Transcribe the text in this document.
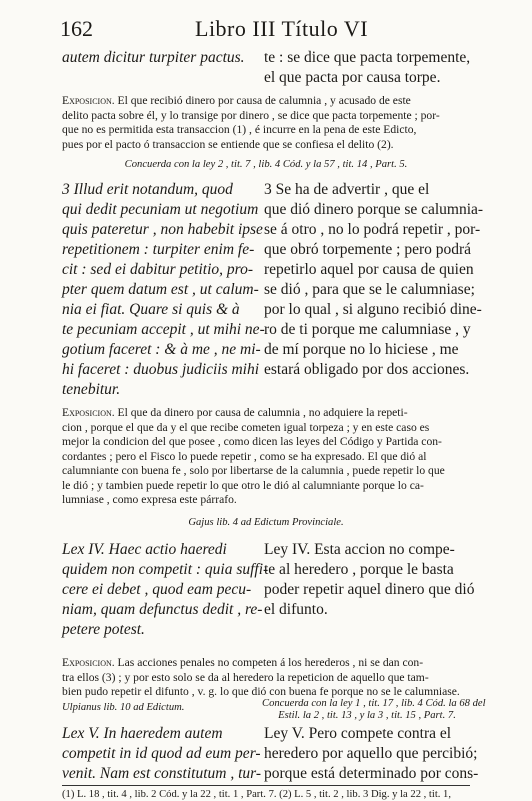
162	Libro III Título VI
autem dicitur turpiter pactus. te : se dice que pacta torpemente,
el que pacta por causa torpe.
Exposicion. El que recibió dinero por causa de calumnia , y acusado de este
delito pacta sobre él, y lo transige por dinero , se dice que pacta torpemente ; por-
que no es permitida esta transaccion (1) , é incurre en la pena de este Edicto,
pues por el pacto ó transaccion se entiende que se confiesa el delito (2).
Concuerda con la ley 2 , tit. 7 , lib. 4 Cód. y la 57 , tit. 14 , Part. 5.
3 Illud erit notandum, quod
qui dedit pecuniam ut negotium
quis pateretur , non habebit ipse
repetitionem : turpiter enim fe-
cit : sed ei dabitur petitio, pro-
pter quem datum est , ut calum-
nia ei fiat. Quare si quis & à
te pecuniam accepit , ut mihi ne-
gotium faceret : & à me , ne mi-
hi faceret : duobus judiciis mihi
tenebitur.
3 Se ha de advertir , que el
que dió dinero porque se calumnia-
se á otro , no lo podrá repetir , por-
que obró torpemente ; pero podrá
repetirlo aquel por causa de quien
se dió , para que se le calumniase;
por lo qual , si alguno recibió dine-
ro de ti porque me calumniase , y
de mí porque no lo hiciese , me
estará obligado por dos acciones.
Exposicion. El que da dinero por causa de calumnia , no adquiere la repeti-
cion , porque el que da y el que recibe cometen igual torpeza ; y en este caso es
mejor la condicion del que posee , como dicen las leyes del Código y Partida con-
cordantes ; pero el Fisco lo puede repetir , como se ha expresado. El que dió al
calumniante con buena fe , solo por libertarse de la calumnia , puede repetir lo que
le dió ; y tambien puede repetir lo que otro le dió al calumniante porque lo ca-
lumniase , como expresa este párrafo.
Gajus lib. 4 ad Edictum Provinciale.
Lex IV. Haec actio haeredi
quidem non competit : quia suffi-
cere ei debet , quod eam pecu-
niam, quam defunctus dedit , re-
petere potest.
Ley IV. Esta accion no compe-
te al heredero , porque le basta
poder repetir aquel dinero que dió
el difunto.
Exposicion. Las acciones penales no competen á los herederos , ni se dan con-
tra ellos (3) ; y por esto solo se da al heredero la repeticion de aquello que tam-
bien pudo repetir el difunto , v. g. lo que dió con buena fe porque no se le calumniase.
Ulpianus lib. 10 ad Edictum.	Concuerda con la ley 1 , tit. 17 , lib. 4 Cód. la 68 del
Estil. la 2 , tit. 13 , y la 3 , tit. 15 , Part. 7.
Lex V. In haeredem autem
competit in id quod ad eum per-
venit. Nam est constitutum , tur-
Ley V. Pero compete contra el
heredero por aquello que percibió;
porque está determinado por cons-
(1) L. 18 , tit. 4 , lib. 2 Cód. y la 22 , tit. 1 , Part. 7. (2) L. 5 , tit. 2 , lib. 3 Dig. y la 22 , tit. 1,
